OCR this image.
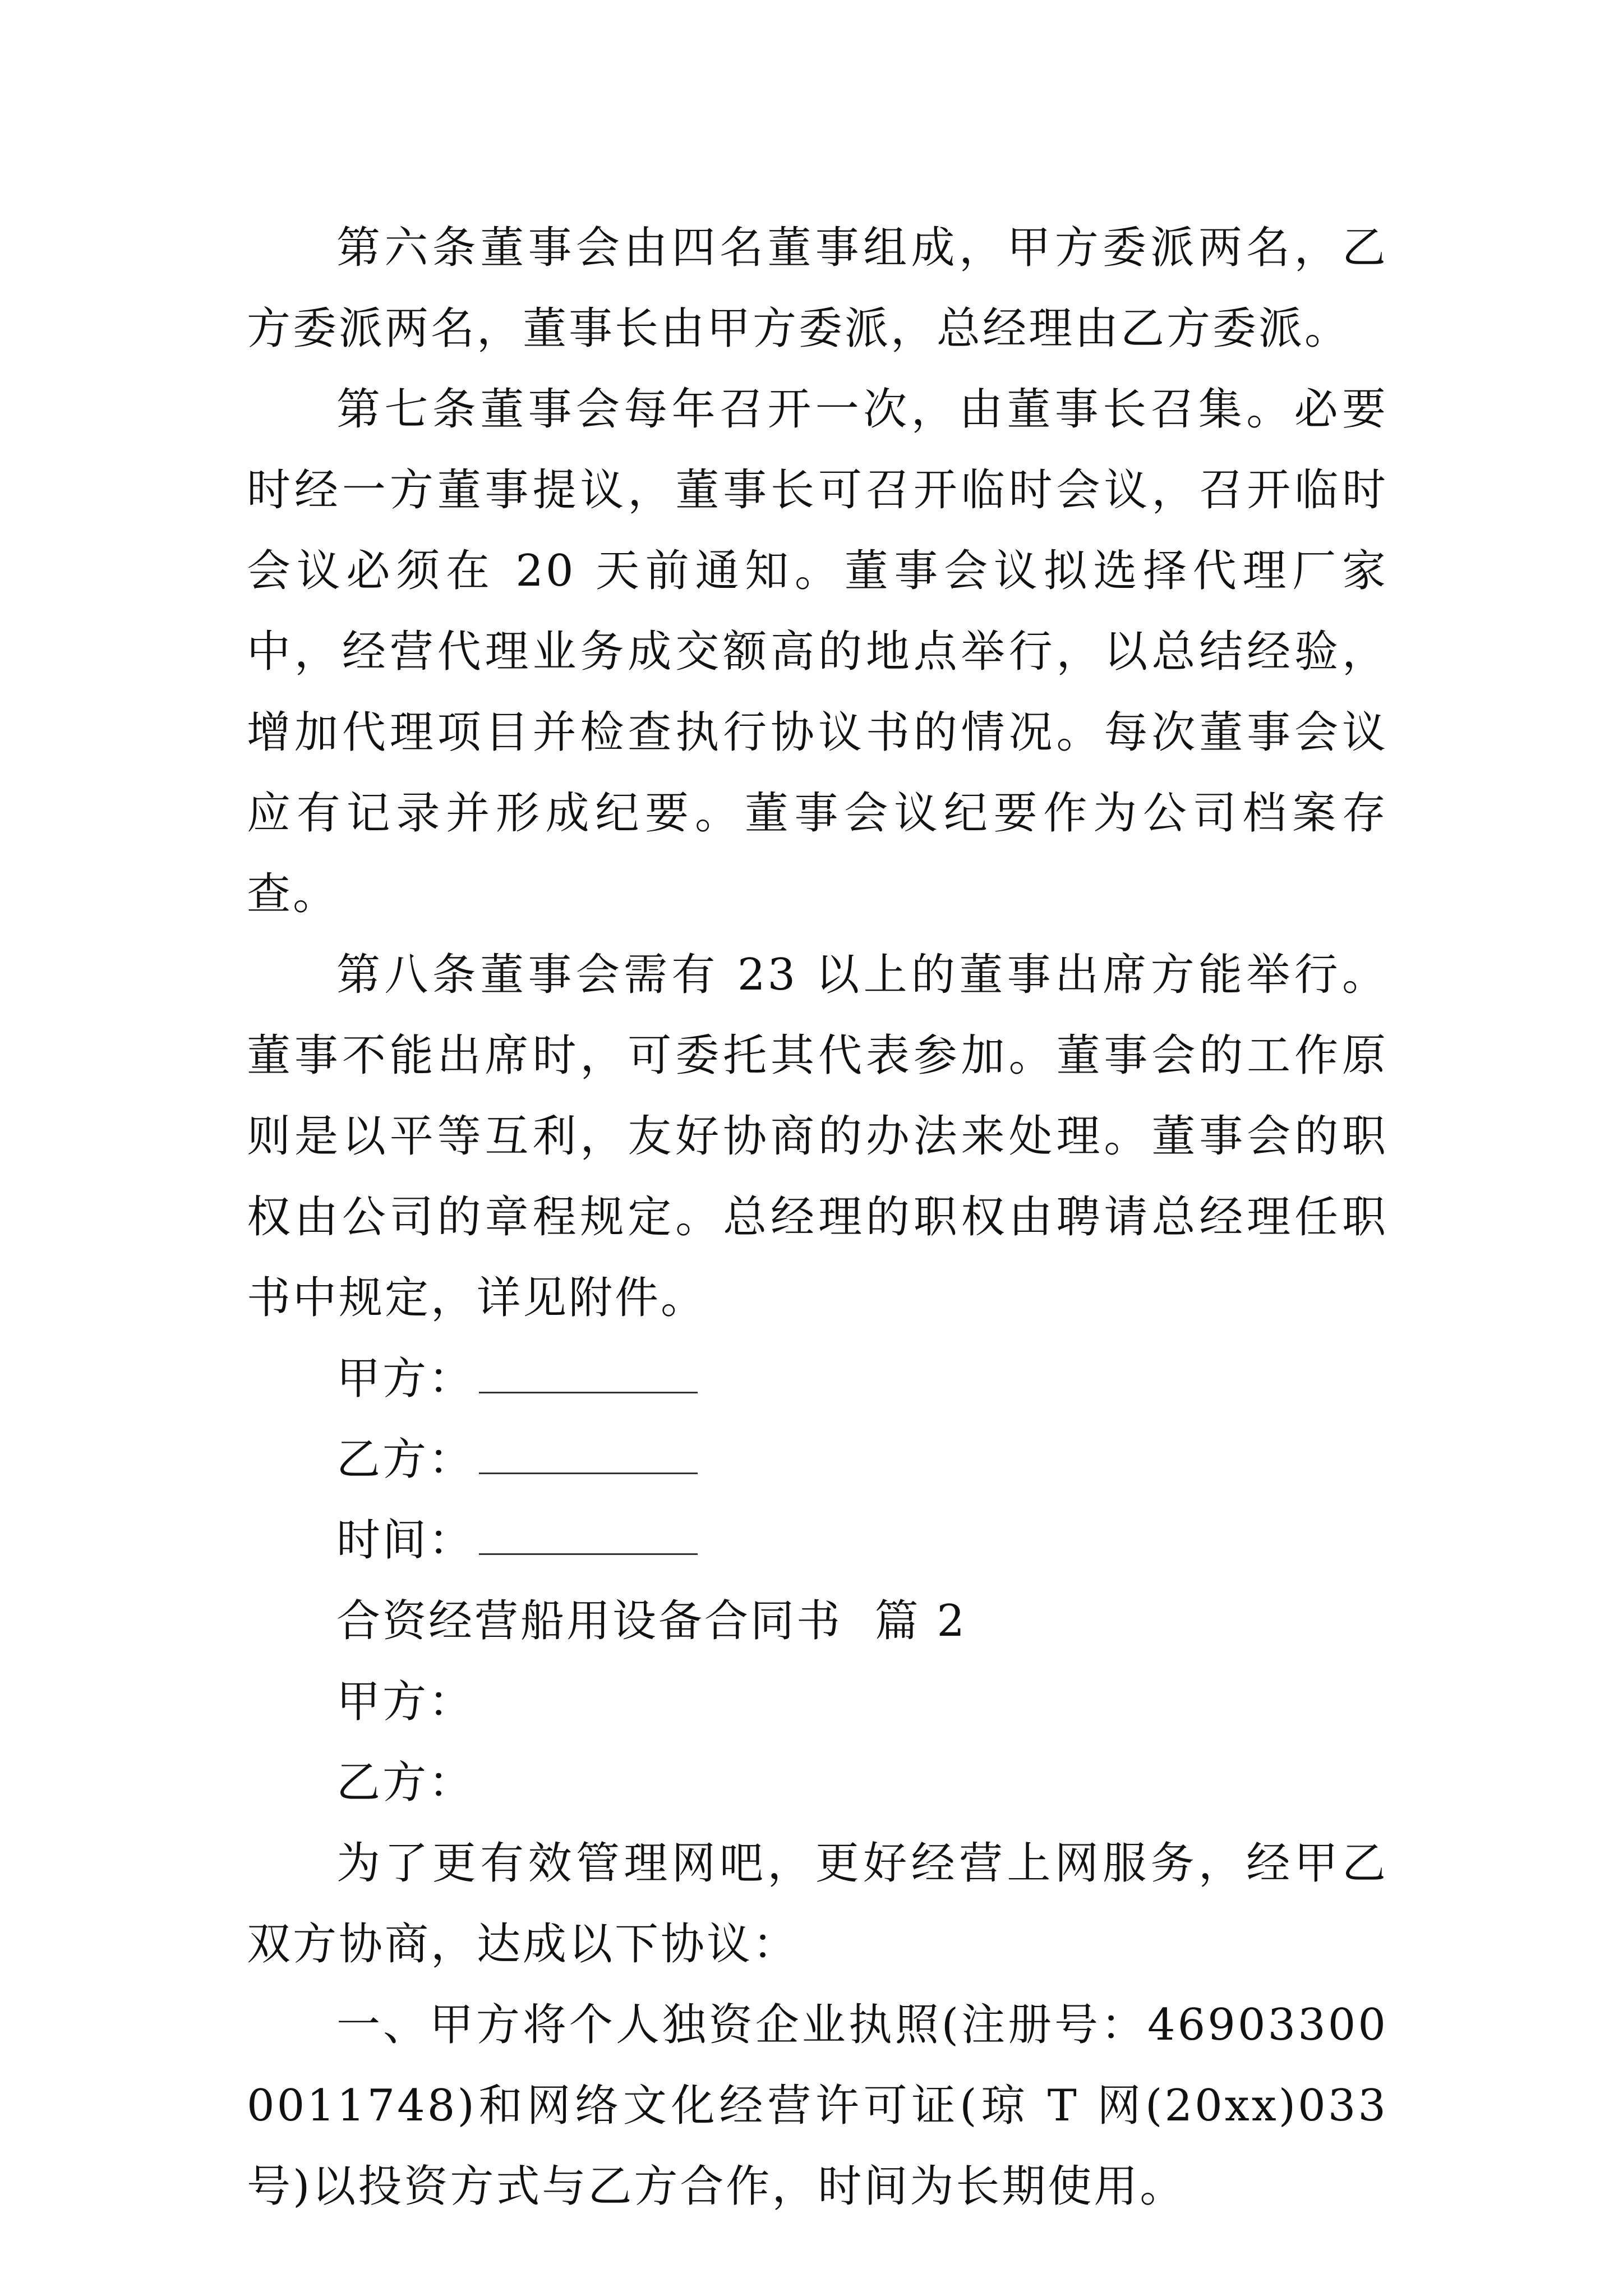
第六条董事会由四名董事组成，甲方委派两名，乙方委派两名，董事长由甲方委派，总经理由乙方委派。

第七条董事会每年召开一次，由董事长召集。必要时经一方董事提议，董事长可召开临时会议，召开临时会议必须在 20 天前通知。董事会议拟选择代理厂家中，经营代理业务成交额高的地点举行，以总结经验，增加代理项目并检查执行协议书的情况。每次董事会议应有记录并形成纪要。董事会议纪要作为公司档案存查。

第八条董事会需有 23 以上的董事出席方能举行。董事不能出席时，可委托其代表参加。董事会的工作原则是以平等互利，友好协商的办法来处理。董事会的职权由公司的章程规定。总经理的职权由聘请总经理任职书中规定，详见附件。

甲方：

乙方：

时间：

合资经营船用设备合同书  篇 2

甲方：

乙方：

为了更有效管理网吧，更好经营上网服务，经甲乙双方协商，达成以下协议：

一、甲方将个人独资企业执照(注册号：469033000011748)和网络文化经营许可证(琼 T 网(20xx)033 号)以投资方式与乙方合作，时间为长期使用。
